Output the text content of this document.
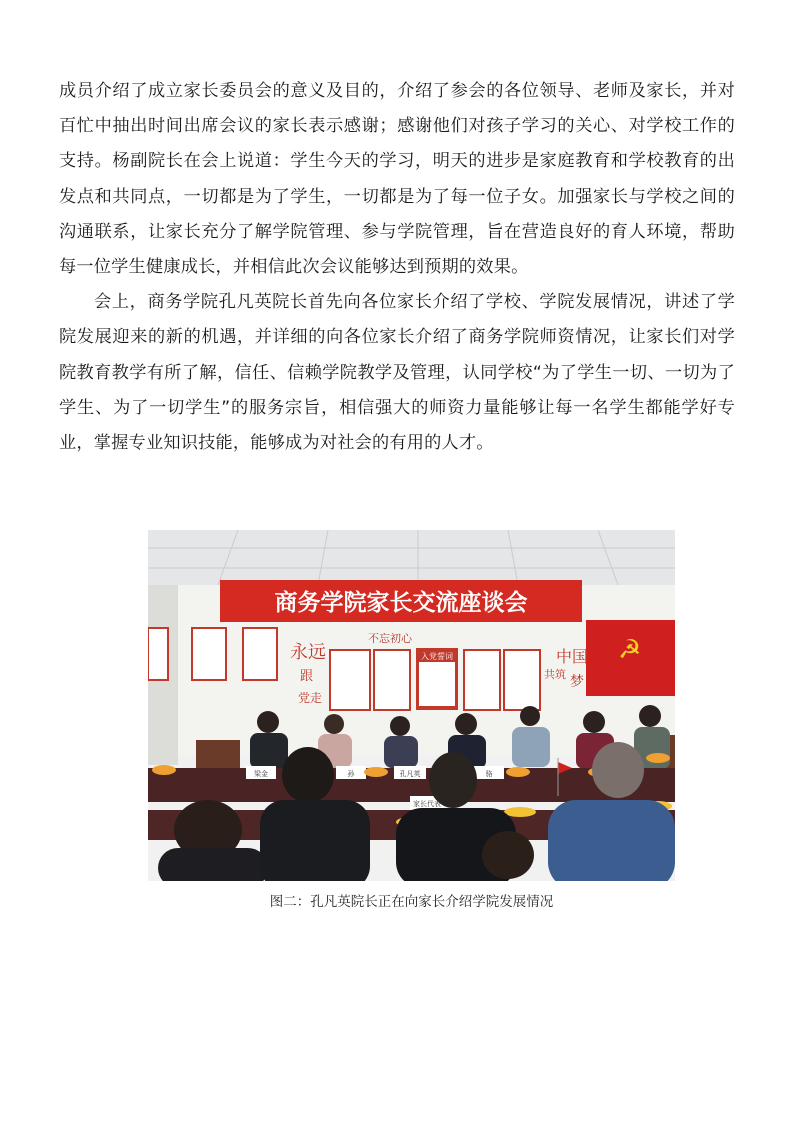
成员介绍了成立家长委员会的意义及目的，介绍了参会的各位领导、老师及家长，并对百忙中抽出时间出席会议的家长表示感谢；感谢他们对孩子学习的关心、对学校工作的支持。杨副院长在会上说道：学生今天的学习，明天的进步是家庭教育和学校教育的出发点和共同点，一切都是为了学生，一切都是为了每一位子女。加强家长与学校之间的沟通联系，让家长充分了解学院管理、参与学院管理，旨在营造良好的育人环境，帮助每一位学生健康成长，并相信此次会议能够达到预期的效果。

会上，商务学院孔凡英院长首先向各位家长介绍了学校、学院发展情况，讲述了学院发展迎来的新的机遇，并详细的向各位家长介绍了商务学院师资情况，让家长们对学院教育教学有所了解，信任、信赖学院教学及管理，认同学校“为了学生一切、一切为了学生、为了一切学生”的服务宗旨，相信强大的师资力量能够让每一名学生都能学好专业，掌握专业知识技能，能够成为对社会的有用的人才。

商务学院家长交流座谈会
☭
永远
跟
党走
不忘初心
入党誓词	中国
梦
共筑
梁金	孙	孔凡英	骆
家长代表
图二：孔凡英院长正在向家长介绍学院发展情况
